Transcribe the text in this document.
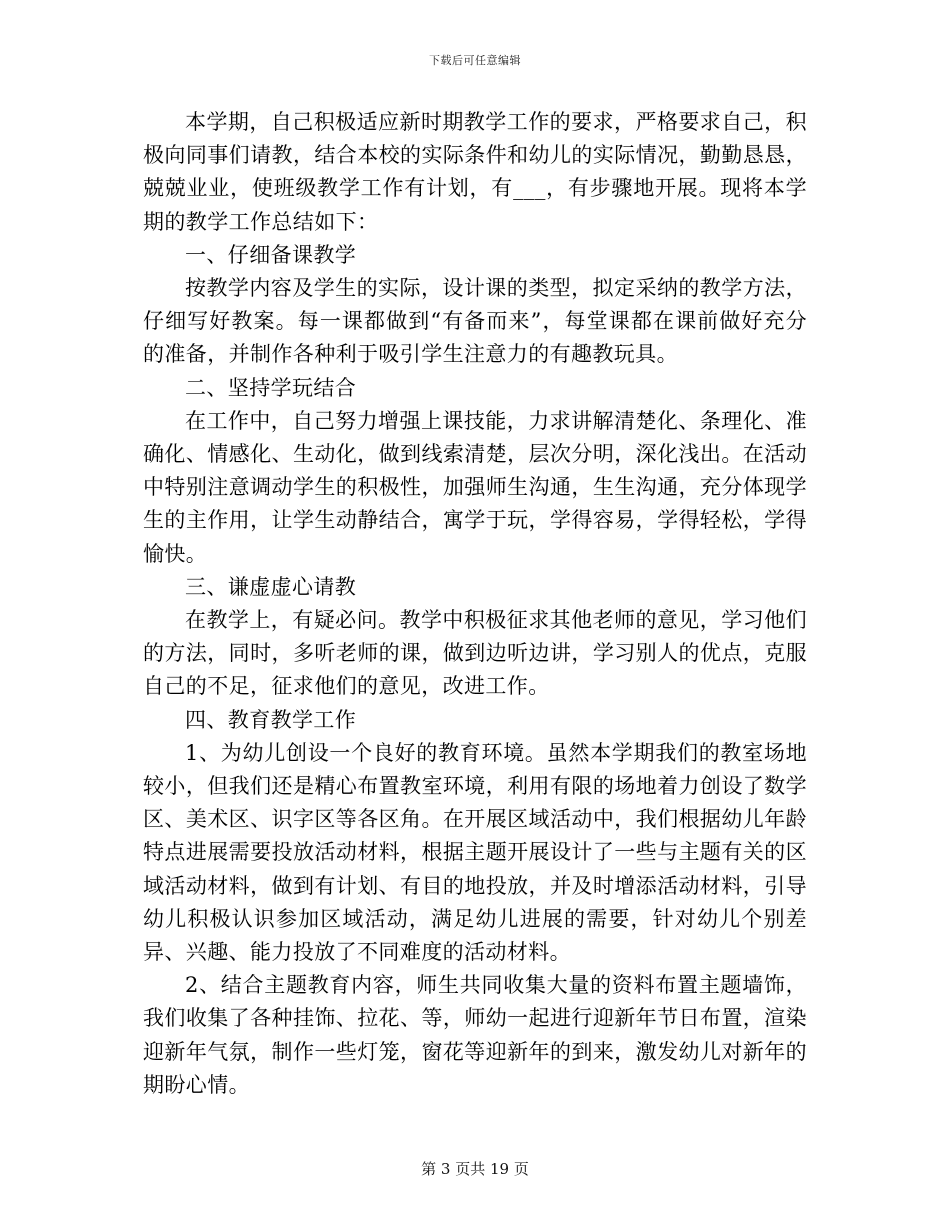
下载后可任意编辑

本学期，自己积极适应新时期教学工作的要求，严格要求自己，积极向同事们请教，结合本校的实际条件和幼儿的实际情况，勤勤恳恳，兢兢业业，使班级教学工作有计划，有___，有步骤地开展。现将本学期的教学工作总结如下：

一、仔细备课教学

按教学内容及学生的实际，设计课的类型，拟定采纳的教学方法，仔细写好教案。每一课都做到“有备而来”，每堂课都在课前做好充分的准备，并制作各种利于吸引学生注意力的有趣教玩具。

二、坚持学玩结合

在工作中，自己努力增强上课技能，力求讲解清楚化、条理化、准确化、情感化、生动化，做到线索清楚，层次分明，深化浅出。在活动中特别注意调动学生的积极性，加强师生沟通，生生沟通，充分体现学生的主作用，让学生动静结合，寓学于玩，学得容易，学得轻松，学得愉快。

三、谦虚虚心请教

在教学上，有疑必问。教学中积极征求其他老师的意见，学习他们的方法，同时，多听老师的课，做到边听边讲，学习别人的优点，克服自己的不足，征求他们的意见，改进工作。

四、教育教学工作

1、为幼儿创设一个良好的教育环境。虽然本学期我们的教室场地较小，但我们还是精心布置教室环境，利用有限的场地着力创设了数学区、美术区、识字区等各区角。在开展区域活动中，我们根据幼儿年龄特点进展需要投放活动材料，根据主题开展设计了一些与主题有关的区域活动材料，做到有计划、有目的地投放，并及时增添活动材料，引导幼儿积极认识参加区域活动，满足幼儿进展的需要，针对幼儿个别差异、兴趣、能力投放了不同难度的活动材料。

2、结合主题教育内容，师生共同收集大量的资料布置主题墙饰，我们收集了各种挂饰、拉花、等，师幼一起进行迎新年节日布置，渲染迎新年气氛，制作一些灯笼，窗花等迎新年的到来，激发幼儿对新年的期盼心情。

第 3 页共 19 页
